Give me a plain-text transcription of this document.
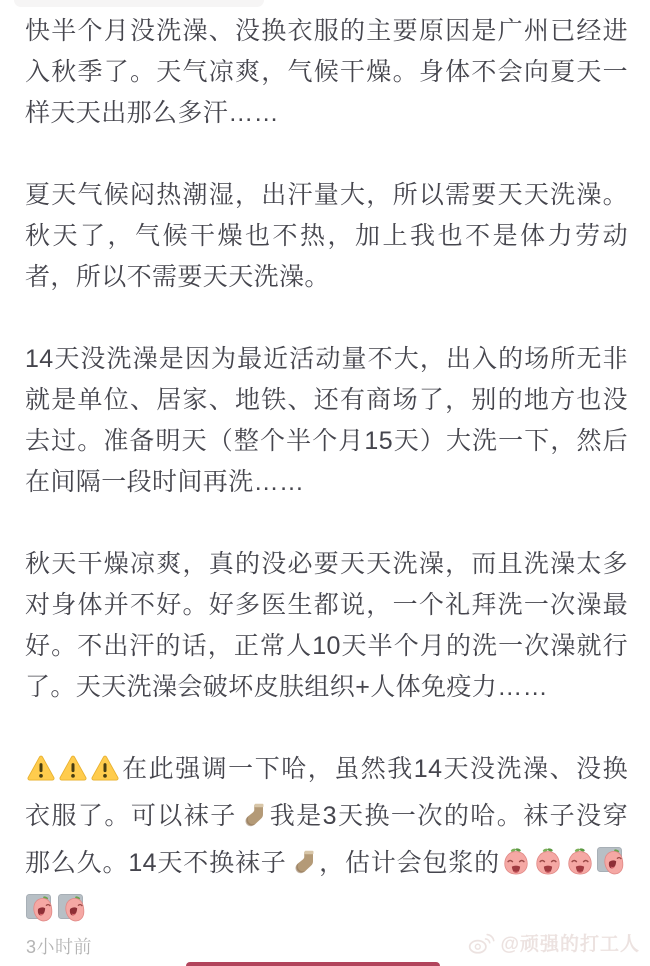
快半个月没洗澡、没换衣服的主要原因是广州已经进入秋季了。天气凉爽，气候干燥。身体不会向夏天一样天天出那么多汗……

夏天气候闷热潮湿，出汗量大，所以需要天天洗澡。秋天了，气候干燥也不热，加上我也不是体力劳动者，所以不需要天天洗澡。

14天没洗澡是因为最近活动量不大，出入的场所无非就是单位、居家、地铁、还有商场了，别的地方也没去过。准备明天（整个半个月15天）大洗一下，然后在间隔一段时间再洗……

秋天干燥凉爽，真的没必要天天洗澡，而且洗澡太多对身体并不好。好多医生都说，一个礼拜洗一次澡最好。不出汗的话，正常人10天半个月的洗一次澡就行了。天天洗澡会破坏皮肤组织+人体免疫力……

在此强调一下哈，虽然我14天没洗澡、没换衣服了。可以袜子 我是3天换一次的哈。袜子没穿那么久。14天不换袜子 ，估计会包浆的

3小时前	@顽强的打工人
